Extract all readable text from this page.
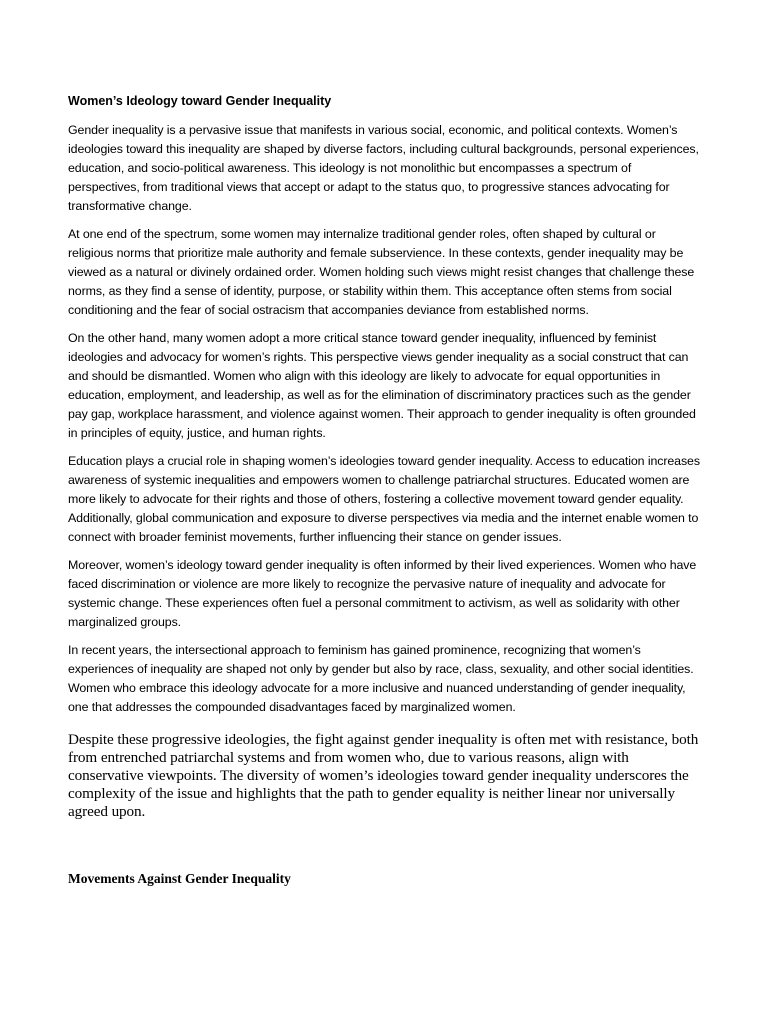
Women’s Ideology toward Gender Inequality

Gender inequality is a pervasive issue that manifests in various social, economic, and political contexts. Women’s ideologies toward this inequality are shaped by diverse factors, including cultural backgrounds, personal experiences, education, and socio-political awareness. This ideology is not monolithic but encompasses a spectrum of perspectives, from traditional views that accept or adapt to the status quo, to progressive stances advocating for transformative change.

At one end of the spectrum, some women may internalize traditional gender roles, often shaped by cultural or religious norms that prioritize male authority and female subservience. In these contexts, gender inequality may be viewed as a natural or divinely ordained order. Women holding such views might resist changes that challenge these norms, as they find a sense of identity, purpose, or stability within them. This acceptance often stems from social conditioning and the fear of social ostracism that accompanies deviance from established norms.

On the other hand, many women adopt a more critical stance toward gender inequality, influenced by feminist ideologies and advocacy for women’s rights. This perspective views gender inequality as a social construct that can and should be dismantled. Women who align with this ideology are likely to advocate for equal opportunities in education, employment, and leadership, as well as for the elimination of discriminatory practices such as the gender pay gap, workplace harassment, and violence against women. Their approach to gender inequality is often grounded in principles of equity, justice, and human rights.

Education plays a crucial role in shaping women’s ideologies toward gender inequality. Access to education increases awareness of systemic inequalities and empowers women to challenge patriarchal structures. Educated women are more likely to advocate for their rights and those of others, fostering a collective movement toward gender equality. Additionally, global communication and exposure to diverse perspectives via media and the internet enable women to connect with broader feminist movements, further influencing their stance on gender issues.

Moreover, women’s ideology toward gender inequality is often informed by their lived experiences. Women who have faced discrimination or violence are more likely to recognize the pervasive nature of inequality and advocate for systemic change. These experiences often fuel a personal commitment to activism, as well as solidarity with other marginalized groups.

In recent years, the intersectional approach to feminism has gained prominence, recognizing that women’s experiences of inequality are shaped not only by gender but also by race, class, sexuality, and other social identities. Women who embrace this ideology advocate for a more inclusive and nuanced understanding of gender inequality, one that addresses the compounded disadvantages faced by marginalized women.

Despite these progressive ideologies, the fight against gender inequality is often met with resistance, both from entrenched patriarchal systems and from women who, due to various reasons, align with conservative viewpoints. The diversity of women’s ideologies toward gender inequality underscores the complexity of the issue and highlights that the path to gender equality is neither linear nor universally agreed upon.

Movements Against Gender Inequality
